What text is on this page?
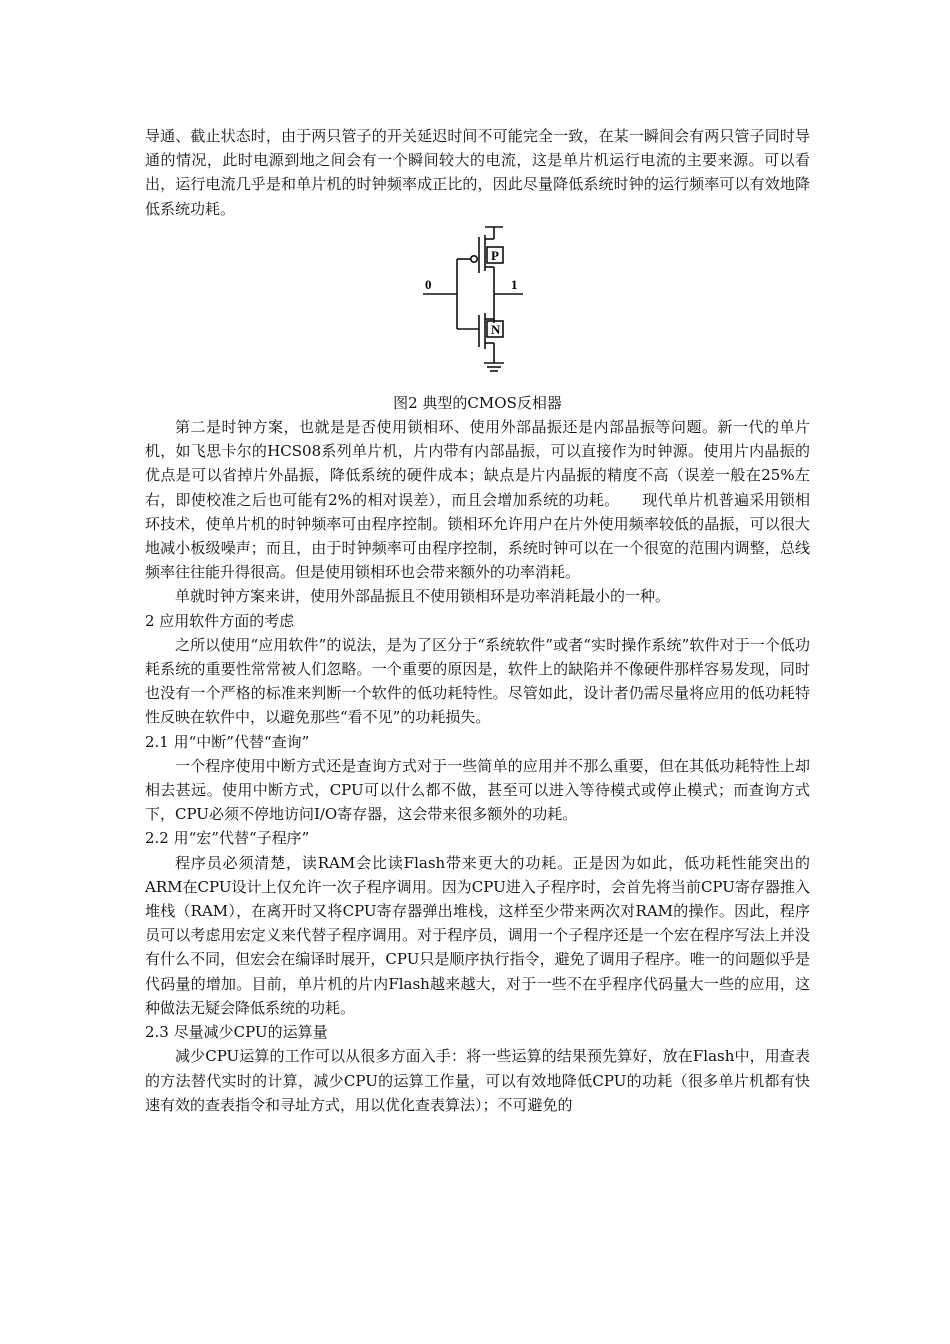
导通、截止状态时，由于两只管子的开关延迟时间不可能完全一致，在某一瞬间会有两只管子同时导通的情况，此时电源到地之间会有一个瞬间较大的电流，这是单片机运行电流的主要来源。可以看出，运行电流几乎是和单片机的时钟频率成正比的，因此尽量降低系统时钟的运行频率可以有效地降低系统功耗。

P
N
0	1
图2 典型的CMOS反相器

第二是时钟方案，也就是是否使用锁相环、使用外部晶振还是内部晶振等问题。新一代的单片机，如飞思卡尔的HCS08系列单片机，片内带有内部晶振，可以直接作为时钟源。使用片内晶振的优点是可以省掉片外晶振，降低系统的硬件成本；缺点是片内晶振的精度不高（误差一般在25%左右，即使校准之后也可能有2%的相对误差），而且会增加系统的功耗。　　现代单片机普遍采用锁相环技术，使单片机的时钟频率可由程序控制。锁相环允许用户在片外使用频率较低的晶振，可以很大地减小板级噪声；而且，由于时钟频率可由程序控制，系统时钟可以在一个很宽的范围内调整，总线频率往往能升得很高。但是使用锁相环也会带来额外的功率消耗。

单就时钟方案来讲，使用外部晶振且不使用锁相环是功率消耗最小的一种。

2 应用软件方面的考虑

之所以使用“应用软件”的说法，是为了区分于“系统软件”或者“实时操作系统”软件对于一个低功耗系统的重要性常常被人们忽略。一个重要的原因是，软件上的缺陷并不像硬件那样容易发现，同时也没有一个严格的标准来判断一个软件的低功耗特性。尽管如此，设计者仍需尽量将应用的低功耗特性反映在软件中，以避免那些“看不见”的功耗损失。

2.1 用“中断”代替“查询”

一个程序使用中断方式还是查询方式对于一些简单的应用并不那么重要，但在其低功耗特性上却相去甚远。使用中断方式，CPU可以什么都不做，甚至可以进入等待模式或停止模式；而查询方式下，CPU必须不停地访问I/O寄存器，这会带来很多额外的功耗。

2.2 用“宏”代替“子程序”

程序员必须清楚，读RAM会比读Flash带来更大的功耗。正是因为如此，低功耗性能突出的ARM在CPU设计上仅允许一次子程序调用。因为CPU进入子程序时，会首先将当前CPU寄存器推入堆栈（RAM），在离开时又将CPU寄存器弹出堆栈，这样至少带来两次对RAM的操作。因此，程序员可以考虑用宏定义来代替子程序调用。对于程序员，调用一个子程序还是一个宏在程序写法上并没有什么不同，但宏会在编译时展开，CPU只是顺序执行指令，避免了调用子程序。唯一的问题似乎是代码量的增加。目前，单片机的片内Flash越来越大，对于一些不在乎程序代码量大一些的应用，这种做法无疑会降低系统的功耗。

2.3 尽量减少CPU的运算量

减少CPU运算的工作可以从很多方面入手：将一些运算的结果预先算好，放在Flash中，用查表的方法替代实时的计算，减少CPU的运算工作量，可以有效地降低CPU的功耗（很多单片机都有快速有效的查表指令和寻址方式，用以优化查表算法）；不可避免的
